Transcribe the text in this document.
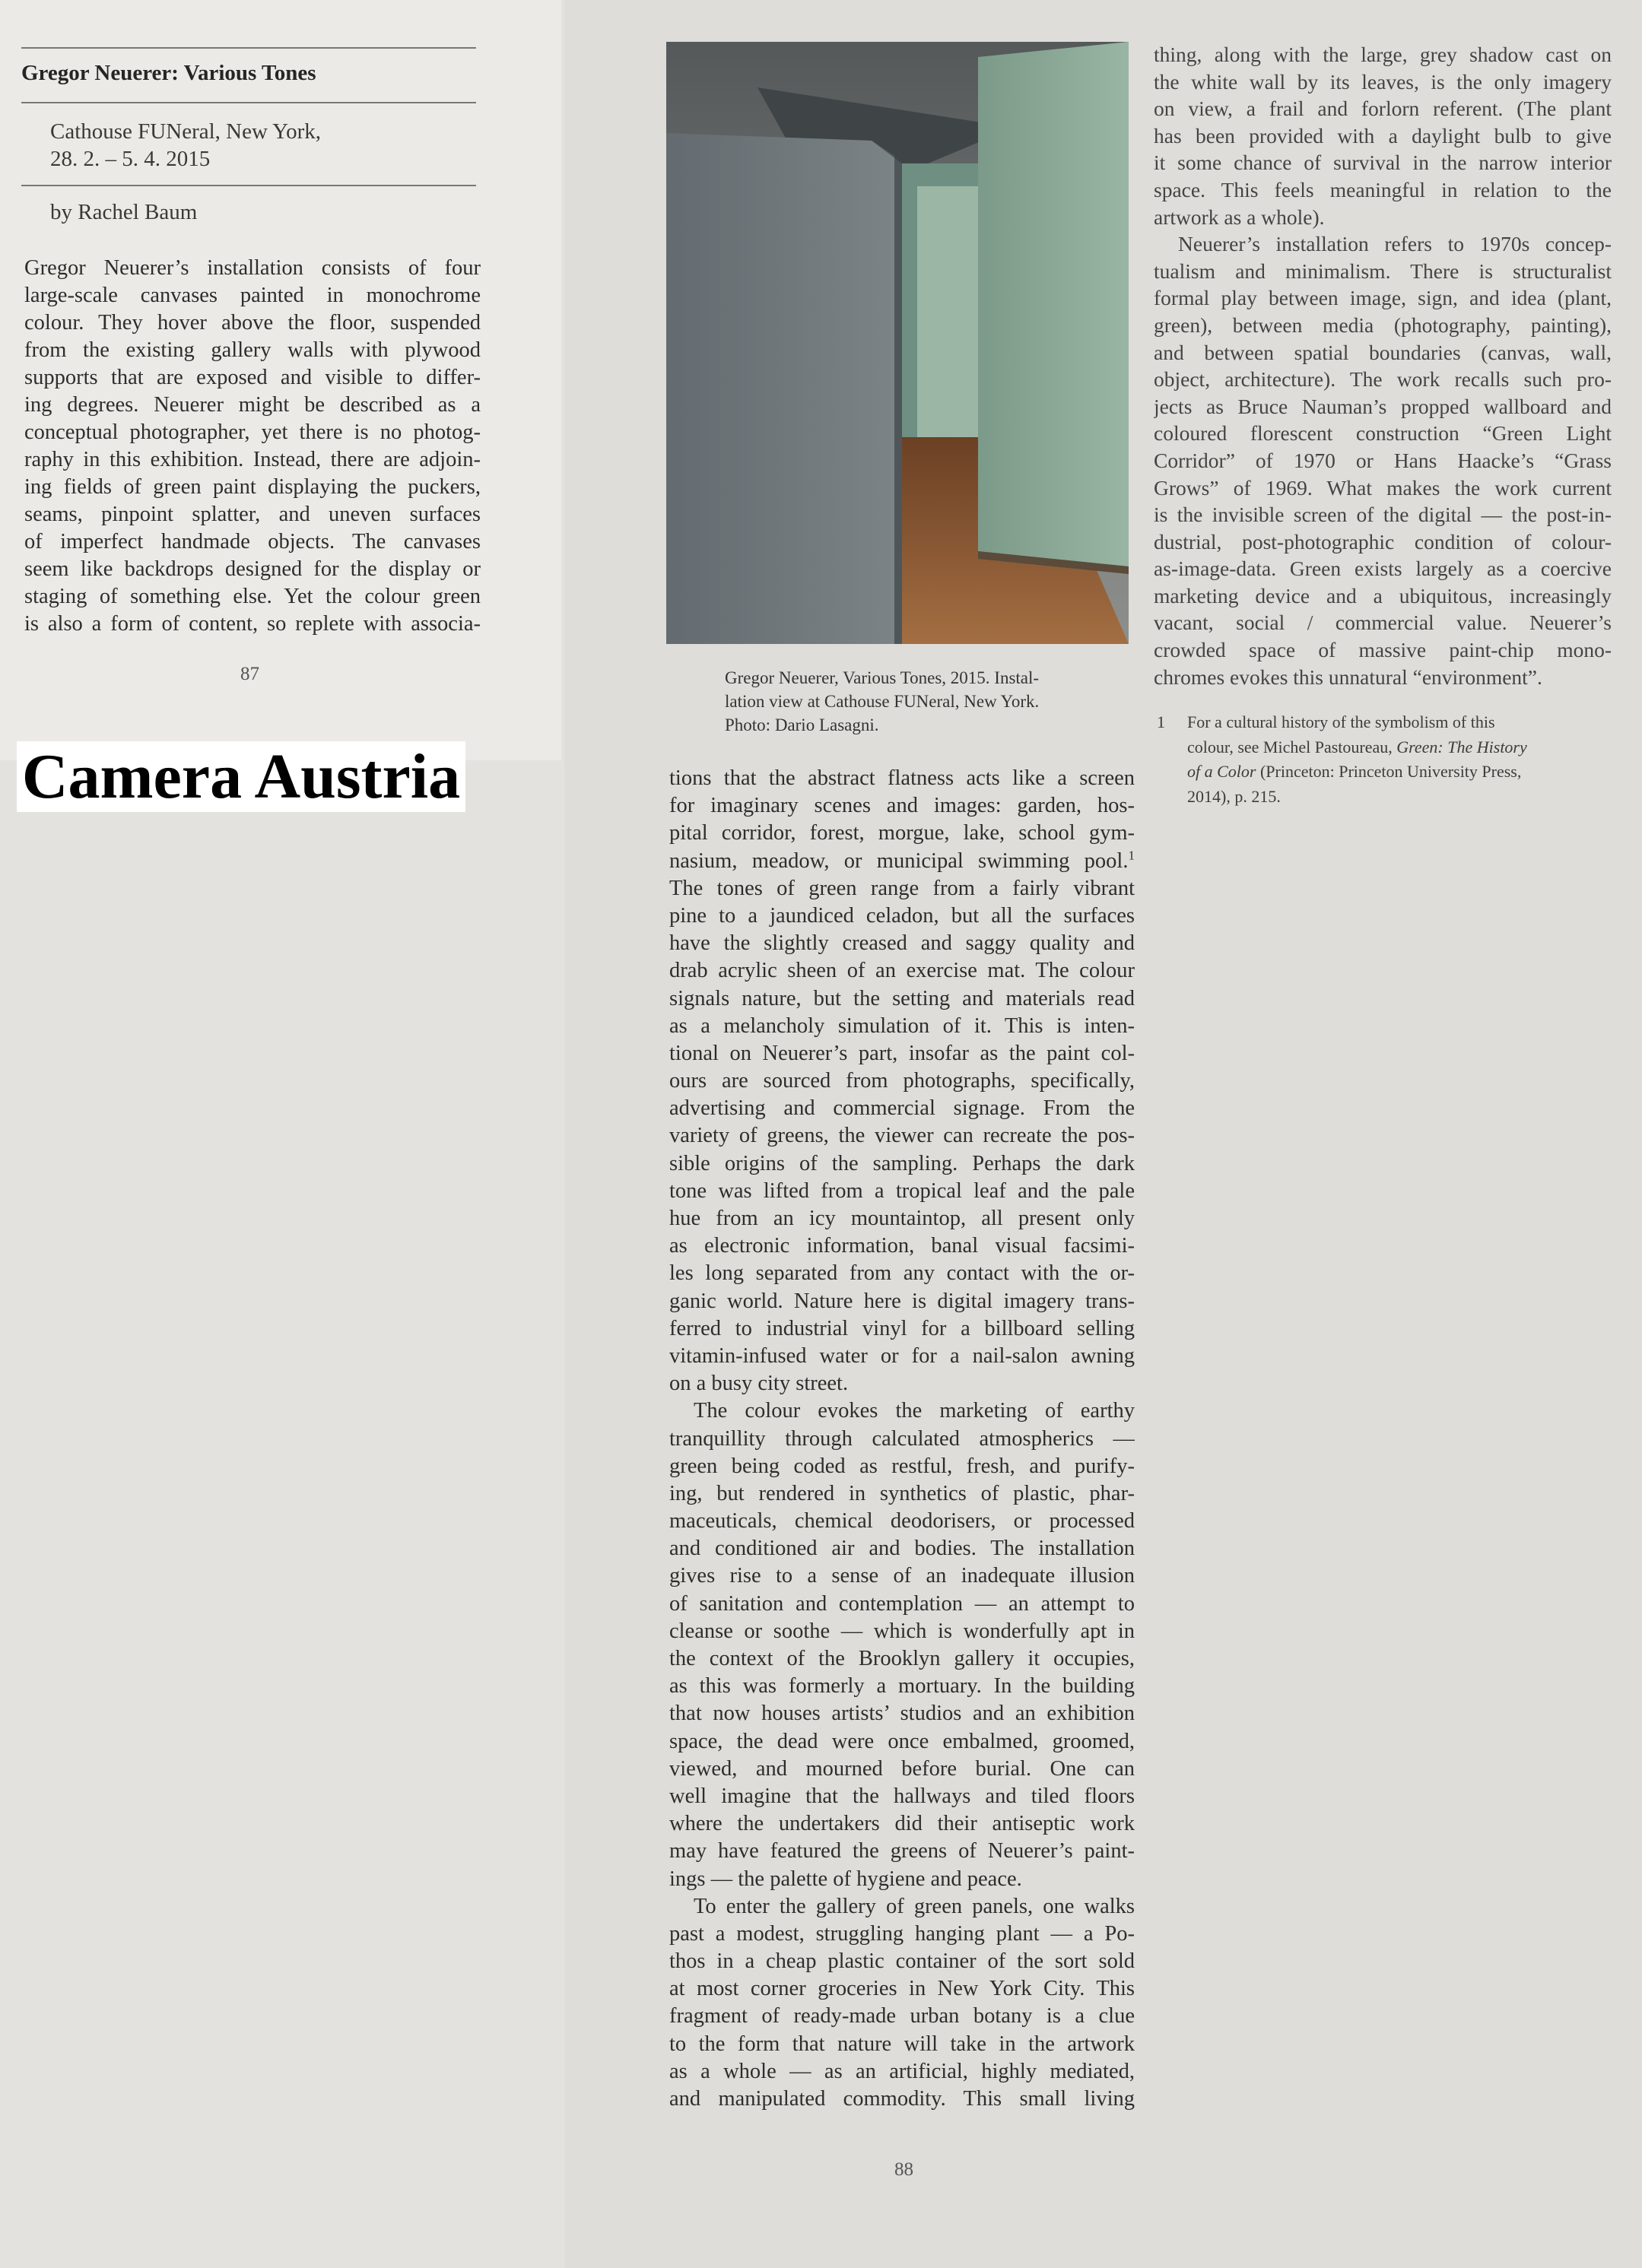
Gregor Neuerer: Various Tones
Cathouse FUNeral, New York,
28. 2. – 5. 4. 2015
by Rachel Baum
Gregor Neuerer’s installation consists of four
large-scale canvases painted in monochrome
colour. They hover above the floor, suspended
from the existing gallery walls with plywood
supports that are exposed and visible to differ-
ing degrees. Neuerer might be described as a
conceptual photographer, yet there is no photog-
raphy in this exhibition. Instead, there are adjoin-
ing fields of green paint displaying the puckers,
seams, pinpoint splatter, and uneven surfaces
of imperfect handmade objects. The canvases
seem like backdrops designed for the display or
staging of something else. Yet the colour green
is also a form of content, so replete with associa-
87
Camera Austria
Gregor Neuerer, Various Tones, 2015. Instal-
lation view at Cathouse FUNeral, New York.
Photo: Dario Lasagni.
tions that the abstract flatness acts like a screen
for imaginary scenes and images: garden, hos-
pital corridor, forest, morgue, lake, school gym-
nasium, meadow, or municipal swimming pool.$^1$
The tones of green range from a fairly vibrant
pine to a jaundiced celadon, but all the surfaces
have the slightly creased and saggy quality and
drab acrylic sheen of an exercise mat. The colour
signals nature, but the setting and materials read
as a melancholy simulation of it. This is inten-
tional on Neuerer’s part, insofar as the paint col-
ours are sourced from photographs, specifically,
advertising and commercial signage. From the
variety of greens, the viewer can recreate the pos-
sible origins of the sampling. Perhaps the dark
tone was lifted from a tropical leaf and the pale
hue from an icy mountaintop, all present only
as electronic information, banal visual facsimi-
les long separated from any contact with the or-
ganic world. Nature here is digital imagery trans-
ferred to industrial vinyl for a billboard selling
vitamin-infused water or for a nail-salon awning
on a busy city street.
The colour evokes the marketing of earthy
tranquillity through calculated atmospherics —
green being coded as restful, fresh, and purify-
ing, but rendered in synthetics of plastic, phar-
maceuticals, chemical deodorisers, or processed
and conditioned air and bodies. The installation
gives rise to a sense of an inadequate illusion
of sanitation and contemplation — an attempt to
cleanse or soothe — which is wonderfully apt in
the context of the Brooklyn gallery it occupies,
as this was formerly a mortuary. In the building
that now houses artists’ studios and an exhibition
space, the dead were once embalmed, groomed,
viewed, and mourned before burial. One can
well imagine that the hallways and tiled floors
where the undertakers did their antiseptic work
may have featured the greens of Neuerer’s paint-
ings — the palette of hygiene and peace.
To enter the gallery of green panels, one walks
past a modest, struggling hanging plant — a Po-
thos in a cheap plastic container of the sort sold
at most corner groceries in New York City. This
fragment of ready-made urban botany is a clue
to the form that nature will take in the artwork
as a whole — as an artificial, highly mediated,
and manipulated commodity. This small living
thing, along with the large, grey shadow cast on
the white wall by its leaves, is the only imagery
on view, a frail and forlorn referent. (The plant
has been provided with a daylight bulb to give
it some chance of survival in the narrow interior
space. This feels meaningful in relation to the
artwork as a whole).
Neuerer’s installation refers to 1970s concep-
tualism and minimalism. There is structuralist
formal play between image, sign, and idea (plant,
green), between media (photography, painting),
and between spatial boundaries (canvas, wall,
object, architecture). The work recalls such pro-
jects as Bruce Nauman’s propped wallboard and
coloured florescent construction “Green Light
Corridor” of 1970 or Hans Haacke’s “Grass
Grows” of 1969. What makes the work current
is the invisible screen of the digital — the post-in-
dustrial, post-photographic condition of colour-
as-image-data. Green exists largely as a coercive
marketing device and a ubiquitous, increasingly
vacant, social / commercial value. Neuerer’s
crowded space of massive paint-chip mono-
chromes evokes this unnatural “environment”.
1 For a cultural history of the symbolism of this
colour, see Michel Pastoureau, Green: The History
of a Color (Princeton: Princeton University Press,
2014), p. 215.
88
